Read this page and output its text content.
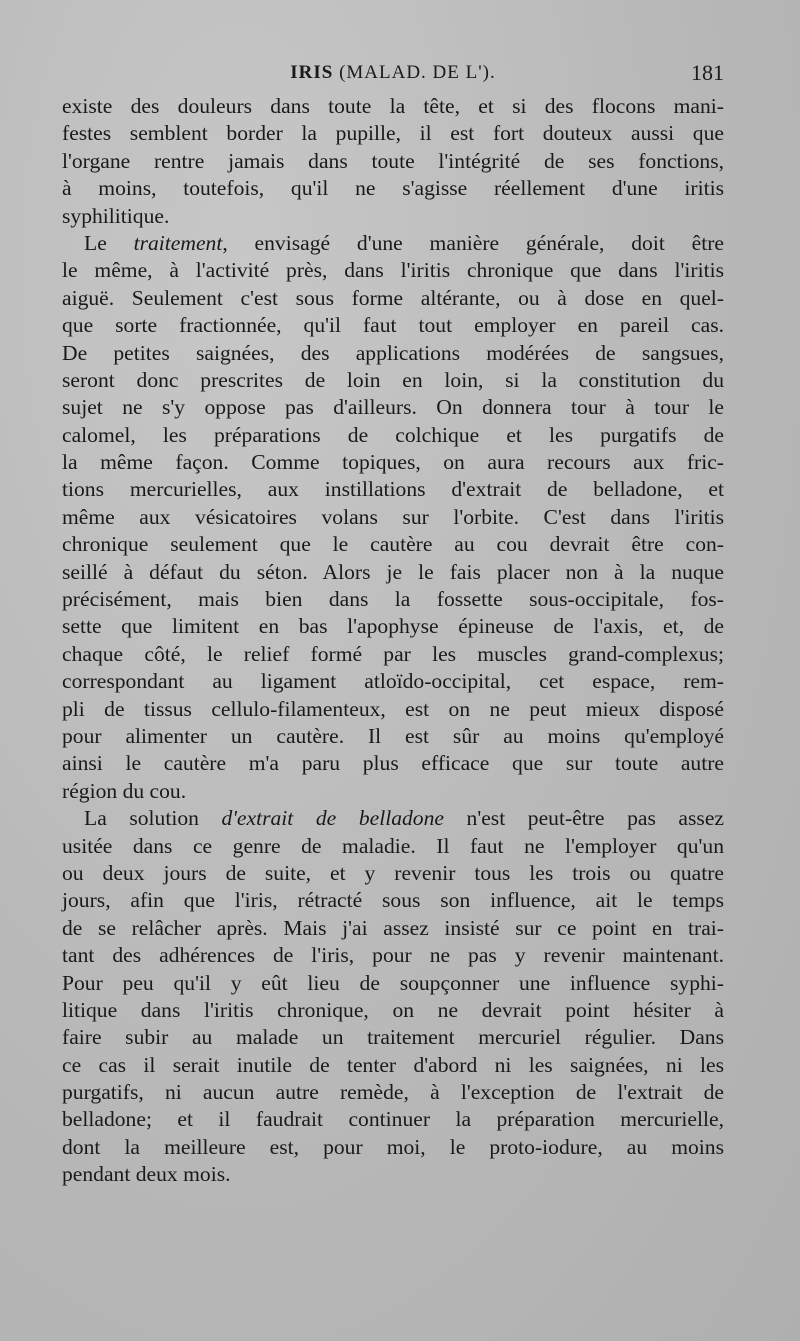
IRIS (MALAD. DE L').	181
existe des douleurs dans toute la tête, et si des flocons mani-
festes semblent border la pupille, il est fort douteux aussi que
l'organe rentre jamais dans toute l'intégrité de ses fonctions,
à moins, toutefois, qu'il ne s'agisse réellement d'une iritis
syphilitique.
Le traitement, envisagé d'une manière générale, doit être
le même, à l'activité près, dans l'iritis chronique que dans l'iritis
aiguë. Seulement c'est sous forme altérante, ou à dose en quel-
que sorte fractionnée, qu'il faut tout employer en pareil cas.
De petites saignées, des applications modérées de sangsues,
seront donc prescrites de loin en loin, si la constitution du
sujet ne s'y oppose pas d'ailleurs. On donnera tour à tour le
calomel, les préparations de colchique et les purgatifs de
la même façon. Comme topiques, on aura recours aux fric-
tions mercurielles, aux instillations d'extrait de belladone, et
même aux vésicatoires volans sur l'orbite. C'est dans l'iritis
chronique seulement que le cautère au cou devrait être con-
seillé à défaut du séton. Alors je le fais placer non à la nuque
précisément, mais bien dans la fossette sous-occipitale, fos-
sette que limitent en bas l'apophyse épineuse de l'axis, et, de
chaque côté, le relief formé par les muscles grand-complexus;
correspondant au ligament atloïdo-occipital, cet espace, rem-
pli de tissus cellulo-filamenteux, est on ne peut mieux disposé
pour alimenter un cautère. Il est sûr au moins qu'employé
ainsi le cautère m'a paru plus efficace que sur toute autre
région du cou.
La solution d'extrait de belladone n'est peut-être pas assez
usitée dans ce genre de maladie. Il faut ne l'employer qu'un
ou deux jours de suite, et y revenir tous les trois ou quatre
jours, afin que l'iris, rétracté sous son influence, ait le temps
de se relâcher après. Mais j'ai assez insisté sur ce point en trai-
tant des adhérences de l'iris, pour ne pas y revenir maintenant.
Pour peu qu'il y eût lieu de soupçonner une influence syphi-
litique dans l'iritis chronique, on ne devrait point hésiter à
faire subir au malade un traitement mercuriel régulier. Dans
ce cas il serait inutile de tenter d'abord ni les saignées, ni les
purgatifs, ni aucun autre remède, à l'exception de l'extrait de
belladone; et il faudrait continuer la préparation mercurielle,
dont la meilleure est, pour moi, le proto-iodure, au moins
pendant deux mois.
